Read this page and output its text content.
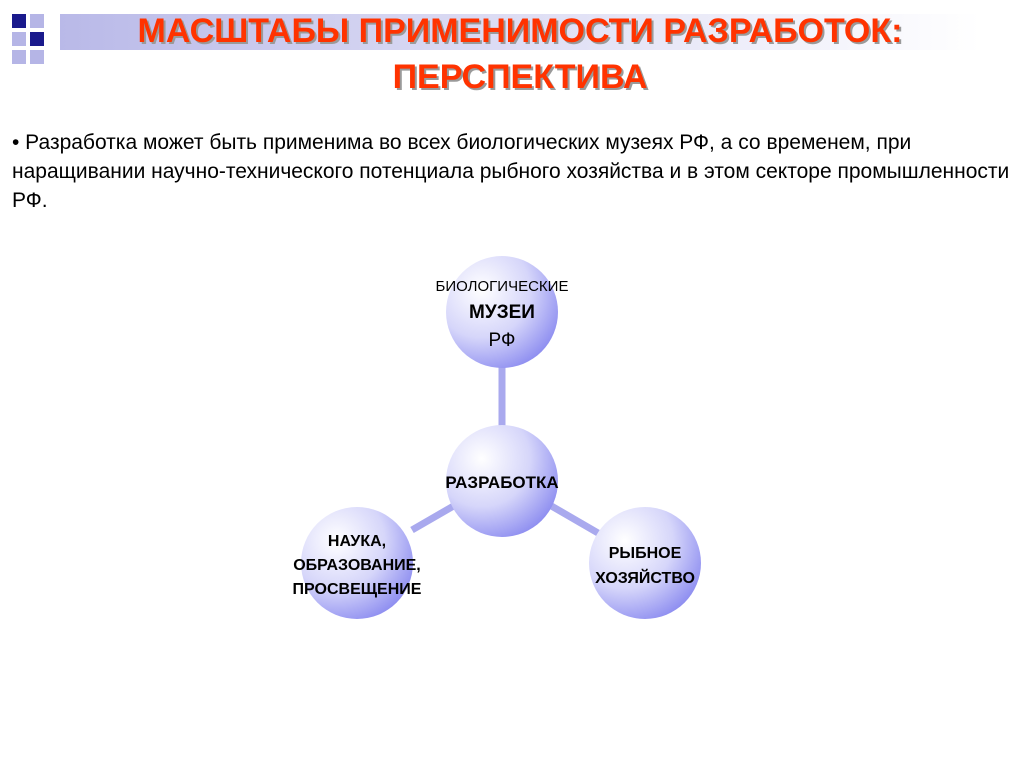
МАСШТАБЫ ПРИМЕНИМОСТИ РАЗРАБОТОК:
ПЕРСПЕКТИВА
• Разработка может быть применима во всех биологических музеях РФ, а со временем, при наращивании научно-технического потенциала рыбного хозяйства и в этом секторе промышленности РФ.
БИОЛОГИЧЕСКИЕ
МУЗЕИ
РФ
РАЗРАБОТКА
НАУКА,
ОБРАЗОВАНИЕ,
ПРОСВЕЩЕНИЕ
РЫБНОЕ
ХОЗЯЙСТВО
